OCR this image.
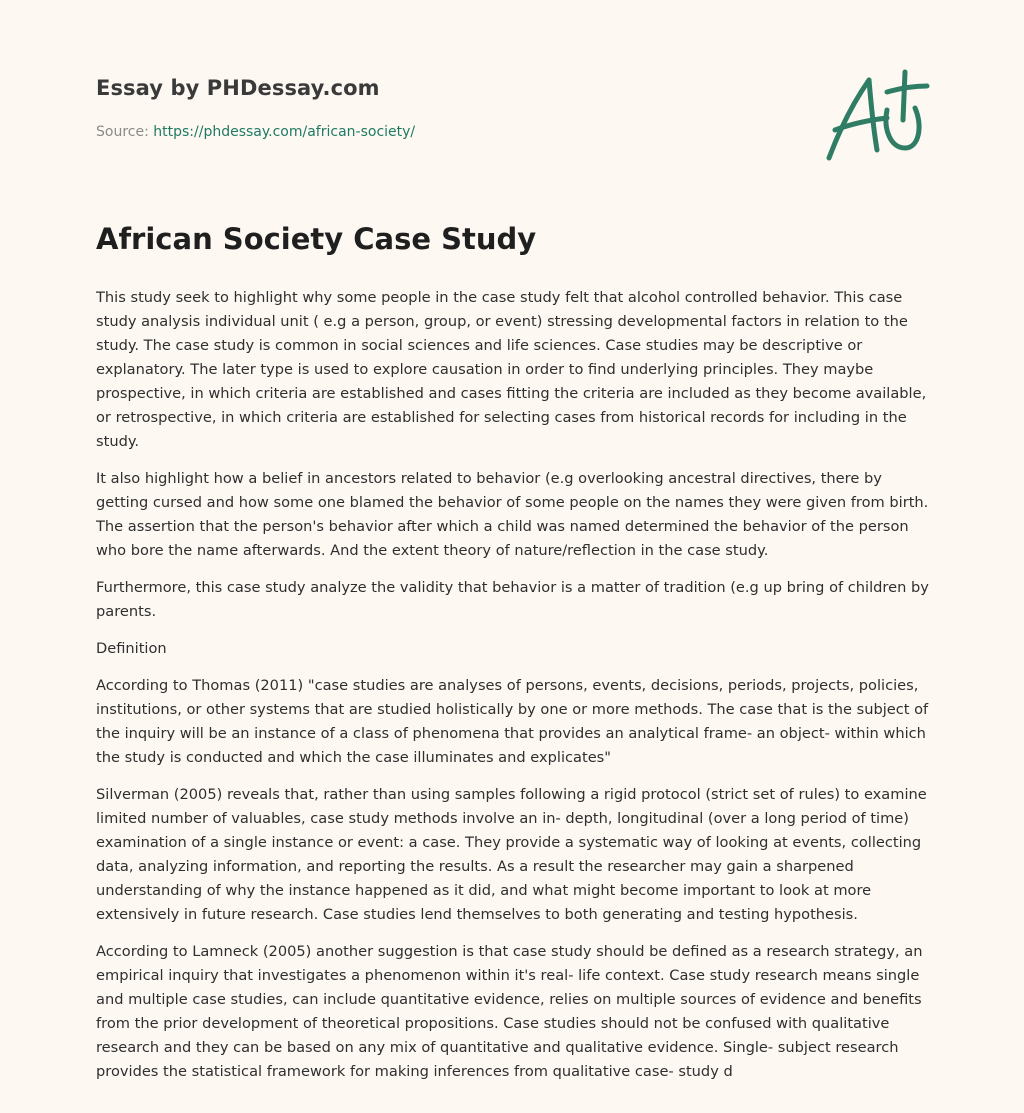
Essay by PHDessay.com
Source: https://phdessay.com/african-society/
African Society Case Study

This study seek to highlight why some people in the case study felt that alcohol controlled behavior. This case study analysis individual unit ( e.g a person, group, or event) stressing developmental factors in relation to the study. The case study is common in social sciences and life sciences. Case studies may be descriptive or explanatory. The later type is used to explore causation in order to find underlying principles. They maybe prospective, in which criteria are established and cases fitting the criteria are included as they become available, or retrospective, in which criteria are established for selecting cases from historical records for including in the study.

It also highlight how a belief in ancestors related to behavior (e.g overlooking ancestral directives, there by getting cursed and how some one blamed the behavior of some people on the names they were given from birth. The assertion that the person's behavior after which a child was named determined the behavior of the person who bore the name afterwards. And the extent theory of nature/reflection in the case study.

Furthermore, this case study analyze the validity that behavior is a matter of tradition (e.g up bring of children by parents.

Definition

According to Thomas (2011) "case studies are analyses of persons, events, decisions, periods, projects, policies, institutions, or other systems that are studied holistically by one or more methods. The case that is the subject of the inquiry will be an instance of a class of phenomena that provides an analytical frame- an object- within which the study is conducted and which the case illuminates and explicates"

Silverman (2005) reveals that, rather than using samples following a rigid protocol (strict set of rules) to examine limited number of valuables, case study methods involve an in- depth, longitudinal (over a long period of time) examination of a single instance or event: a case. They provide a systematic way of looking at events, collecting data, analyzing information, and reporting the results. As a result the researcher may gain a sharpened understanding of why the instance happened as it did, and what might become important to look at more extensively in future research. Case studies lend themselves to both generating and testing hypothesis.

According to Lamneck (2005) another suggestion is that case study should be defined as a research strategy, an empirical inquiry that investigates a phenomenon within it's real- life context. Case study research means single and multiple case studies, can include quantitative evidence, relies on multiple sources of evidence and benefits from the prior development of theoretical propositions. Case studies should not be confused with qualitative research and they can be based on any mix of quantitative and qualitative evidence. Single- subject research provides the statistical framework for making inferences from qualitative case- study d
